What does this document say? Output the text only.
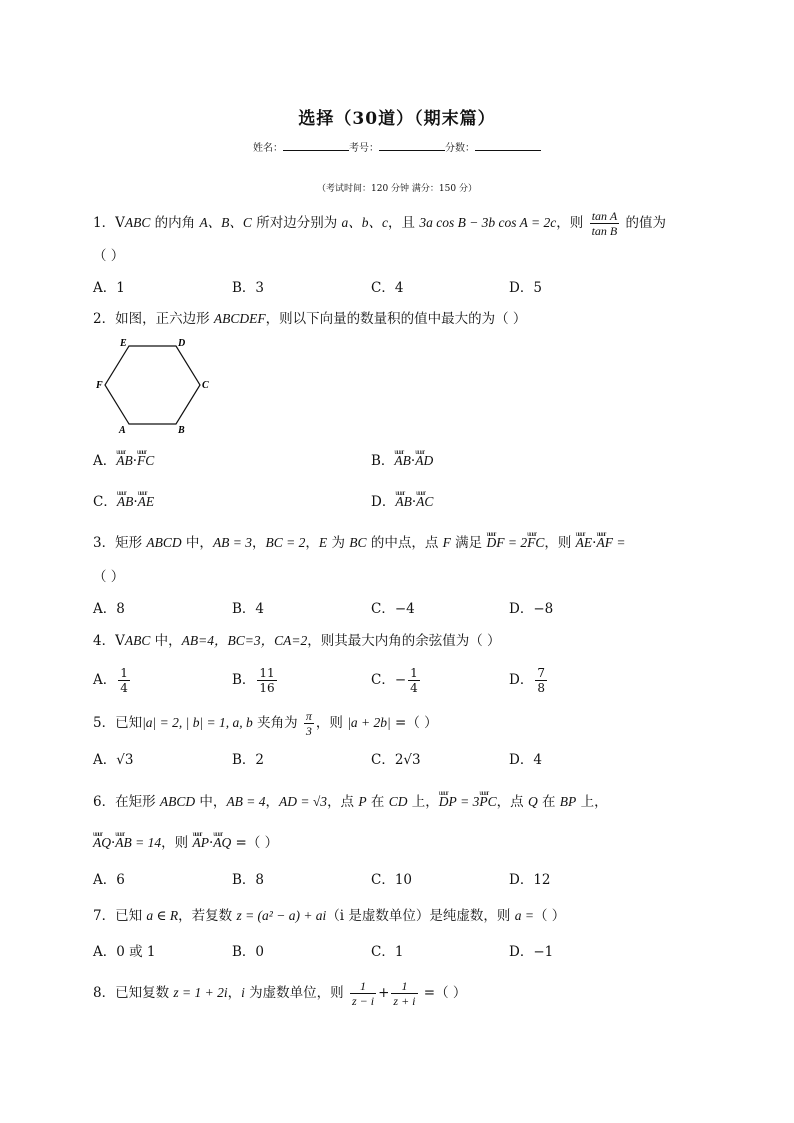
选择（30道）（期末篇）
姓名：	考号：	分数：
（考试时间：120 分钟 满分：150 分）
1．VABC 的内角 A、B、C 所对边分别为 a、b、c，且 3a cos B − 3b cos A = 2c，则 $\frac{\text{tan A}}{\text{tan B}}$ 的值为
（ ）
A．1	B．3	C．4	D．5
2．如图，正六边形 ABCDEF，则以下向量的数量积的值中最大的为（ ）
E	D
F	C
A	B
A．uuur AB·uuur FC	B．uuur AB·uuur AD
C．uuur AB·uuur AE	D．uuur AB·uuur AC
3．矩形 ABCD 中，AB = 3，BC = 2，E 为 BC 的中点，点 F 满足 uuur DF = 2uuur FC，则 uuur AE·uuur AF =
（ ）
A．8	B．4	C．−4	D．−8
4．VABC 中，AB=4，BC=3，CA=2，则其最大内角的余弦值为（ ）
A． $\frac{1}{4}$	B． $\frac{11}{16}$	C．− $\frac{1}{4}$	D． $\frac{7}{8}$
5．已知|a| = 2, | b| = 1, a, b 夹角为 $\frac{\pi}{3}$ ，则 |a + 2b| =（ ）
A．√3	B．2	C．2√3	D．4
6．在矩形 ABCD 中，AB = 4，AD = √3，点 P 在 CD 上，uuur DP = 3uuur PC，点 Q 在 BP 上，
uuur AQ·uuur AB = 14，则 uuur AP·uuur AQ =（ ）
A．6	B．8	C．10	D．12
7．已知 a ∈ R，若复数 z = (a² − a) + ai（i 是虚数单位）是纯虚数，则 a =（ ）
A．0 或 1	B．0	C．1	D．−1
8．已知复数 z = 1 + 2i，i 为虚数单位，则 $\frac{1}{z - i} + \frac{1}{z + i}$ =（ ）
